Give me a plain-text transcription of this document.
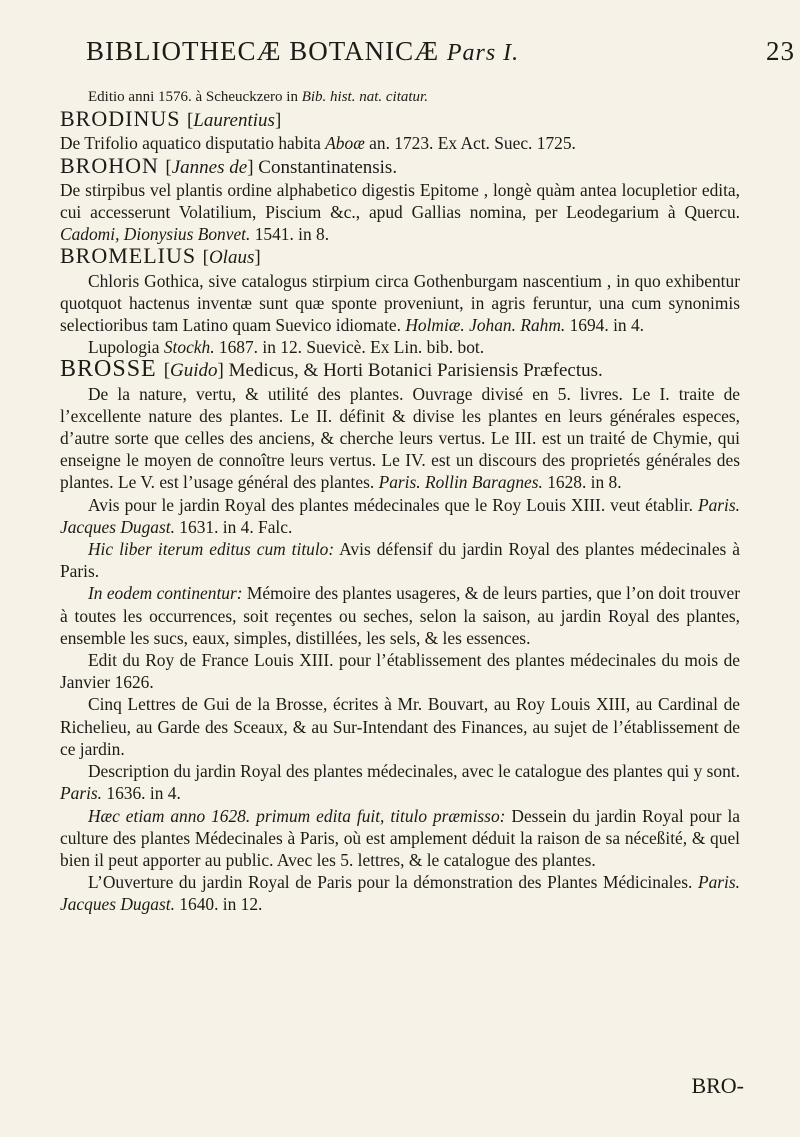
BIBLIOTHECÆ BOTANICÆ Pars I.	23

Editio anni 1576. à Scheuckzero in Bib. hist. nat. citatur.

BRODINUS [Laurentius]

De Trifolio aquatico disputatio habita Aboæ an. 1723. Ex Act. Suec. 1725.

BROHON [Jannes de] Constantinatensis.

De stirpibus vel plantis ordine alphabetico digestis Epitome , longè quàm antea locupletior edita, cui accesserunt Volatilium, Piscium &c., apud Gallias nomina, per Leodegarium à Quercu. Cadomi, Dionysius Bonvet. 1541. in 8.

BROMELIUS [Olaus]

Chloris Gothica, sive catalogus stirpium circa Gothenburgam nascentium , in quo exhibentur quotquot hactenus inventæ sunt quæ sponte proveniunt, in agris feruntur, una cum synonimis selectioribus tam Latino quam Suevico idiomate. Holmiæ. Johan. Rahm. 1694. in 4.

Lupologia Stockh. 1687. in 12. Suevicè. Ex Lin. bib. bot.

BROSSE [Guido] Medicus, & Horti Botanici Parisiensis Præfectus.

De la nature, vertu, & utilité des plantes. Ouvrage divisé en 5. livres. Le I. traite de l’excellente nature des plantes. Le II. définit & divise les plantes en leurs générales especes, d’autre sorte que celles des anciens, & cherche leurs vertus. Le III. est un traité de Chymie, qui enseigne le moyen de connoître leurs vertus. Le IV. est un discours des proprietés générales des plantes. Le V. est l’usage général des plantes. Paris. Rollin Baragnes. 1628. in 8.

Avis pour le jardin Royal des plantes médecinales que le Roy Louis XIII. veut établir. Paris. Jacques Dugast. 1631. in 4. Falc.

Hic liber iterum editus cum titulo: Avis défensif du jardin Royal des plantes médecinales à Paris.

In eodem continentur: Mémoire des plantes usageres, & de leurs parties, que l’on doit trouver à toutes les occurrences, soit reçentes ou seches, selon la saison, au jardin Royal des plantes, ensemble les sucs, eaux, simples, distillées, les sels, & les essences.

Edit du Roy de France Louis XIII. pour l’établissement des plantes médecinales du mois de Janvier 1626.

Cinq Lettres de Gui de la Brosse, écrites à Mr. Bouvart, au Roy Louis XIII, au Cardinal de Richelieu, au Garde des Sceaux, & au Sur-Intendant des Finances, au sujet de l’établissement de ce jardin.

Description du jardin Royal des plantes médecinales, avec le catalogue des plantes qui y sont. Paris. 1636. in 4.

Hæc etiam anno 1628. primum edita fuit, titulo præmisso: Dessein du jardin Royal pour la culture des plantes Médecinales à Paris, où est amplement déduit la raison de sa néceßité, & quel bien il peut apporter au public. Avec les 5. lettres, & le catalogue des plantes.

L’Ouverture du jardin Royal de Paris pour la démonstration des Plantes Médicinales. Paris. Jacques Dugast. 1640. in 12.

BRO-
